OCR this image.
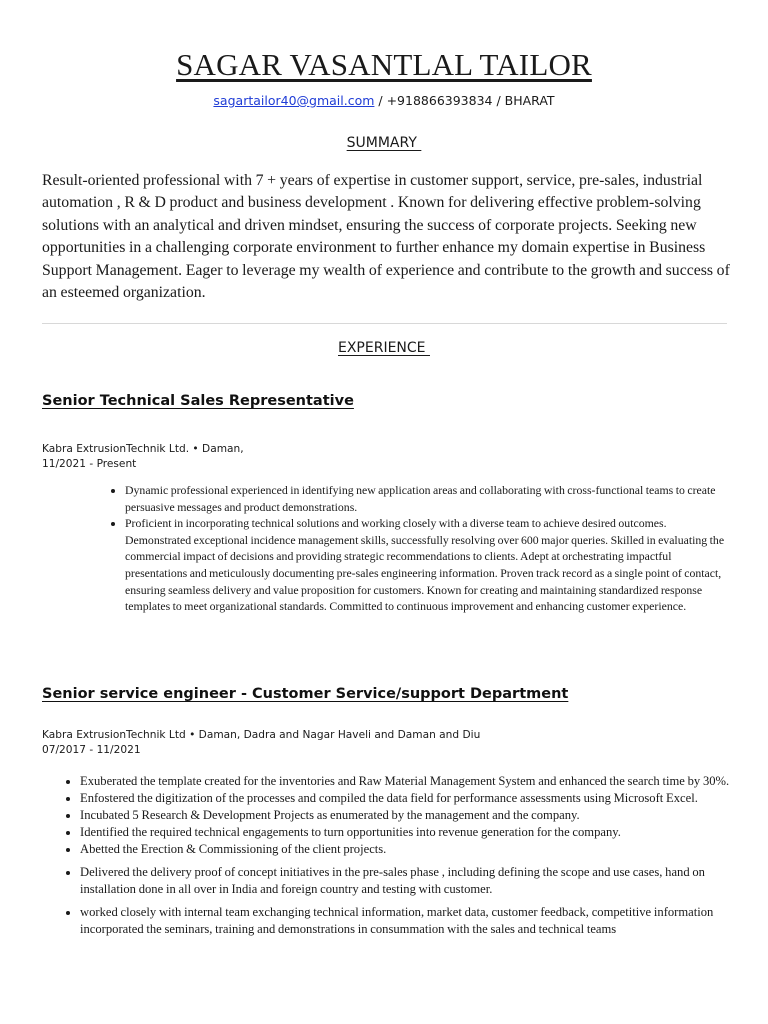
SAGAR VASANTLAL TAILOR
sagartailor40@gmail.com / +918866393834 / BHARAT
SUMMARY
Result-oriented professional with 7 + years of expertise in customer support, service, pre-sales, industrial automation , R & D product and business development . Known for delivering effective problem-solving solutions with an analytical and driven mindset, ensuring the success of corporate projects. Seeking new opportunities in a challenging corporate environment to further enhance my domain expertise in Business Support Management. Eager to leverage my wealth of experience and contribute to the growth and success of an esteemed organization.
EXPERIENCE
Senior Technical Sales Representative
Kabra ExtrusionTechnik Ltd. • Daman,
11/2021 - Present
• Dynamic professional experienced in identifying new application areas and collaborating with cross-functional teams to create persuasive messages and product demonstrations.
• Proficient in incorporating technical solutions and working closely with a diverse team to achieve desired outcomes. Demonstrated exceptional incidence management skills, successfully resolving over 600 major queries. Skilled in evaluating the commercial impact of decisions and providing strategic recommendations to clients. Adept at orchestrating impactful presentations and meticulously documenting pre-sales engineering information. Proven track record as a single point of contact, ensuring seamless delivery and value proposition for customers. Known for creating and maintaining standardized response templates to meet organizational standards. Committed to continuous improvement and enhancing customer experience.
Senior service engineer - Customer Service/support Department
Kabra ExtrusionTechnik Ltd • Daman, Dadra and Nagar Haveli and Daman and Diu
07/2017 - 11/2021
• Exuberated the template created for the inventories and Raw Material Management System and enhanced the search time by 30%.
• Enfostered the digitization of the processes and compiled the data field for performance assessments using Microsoft Excel.
• Incubated 5 Research & Development Projects as enumerated by the management and the company.
• Identified the required technical engagements to turn opportunities into revenue generation for the company.
• Abetted the Erection & Commissioning of the client projects.
• Delivered the delivery proof of concept initiatives in the pre-sales phase , including defining the scope and use cases, hand on installation done in all over in India and foreign country and testing with customer.
• worked closely with internal team exchanging technical information, market data, customer feedback, competitive information incorporated the seminars, training and demonstrations in consummation with the sales and technical teams
